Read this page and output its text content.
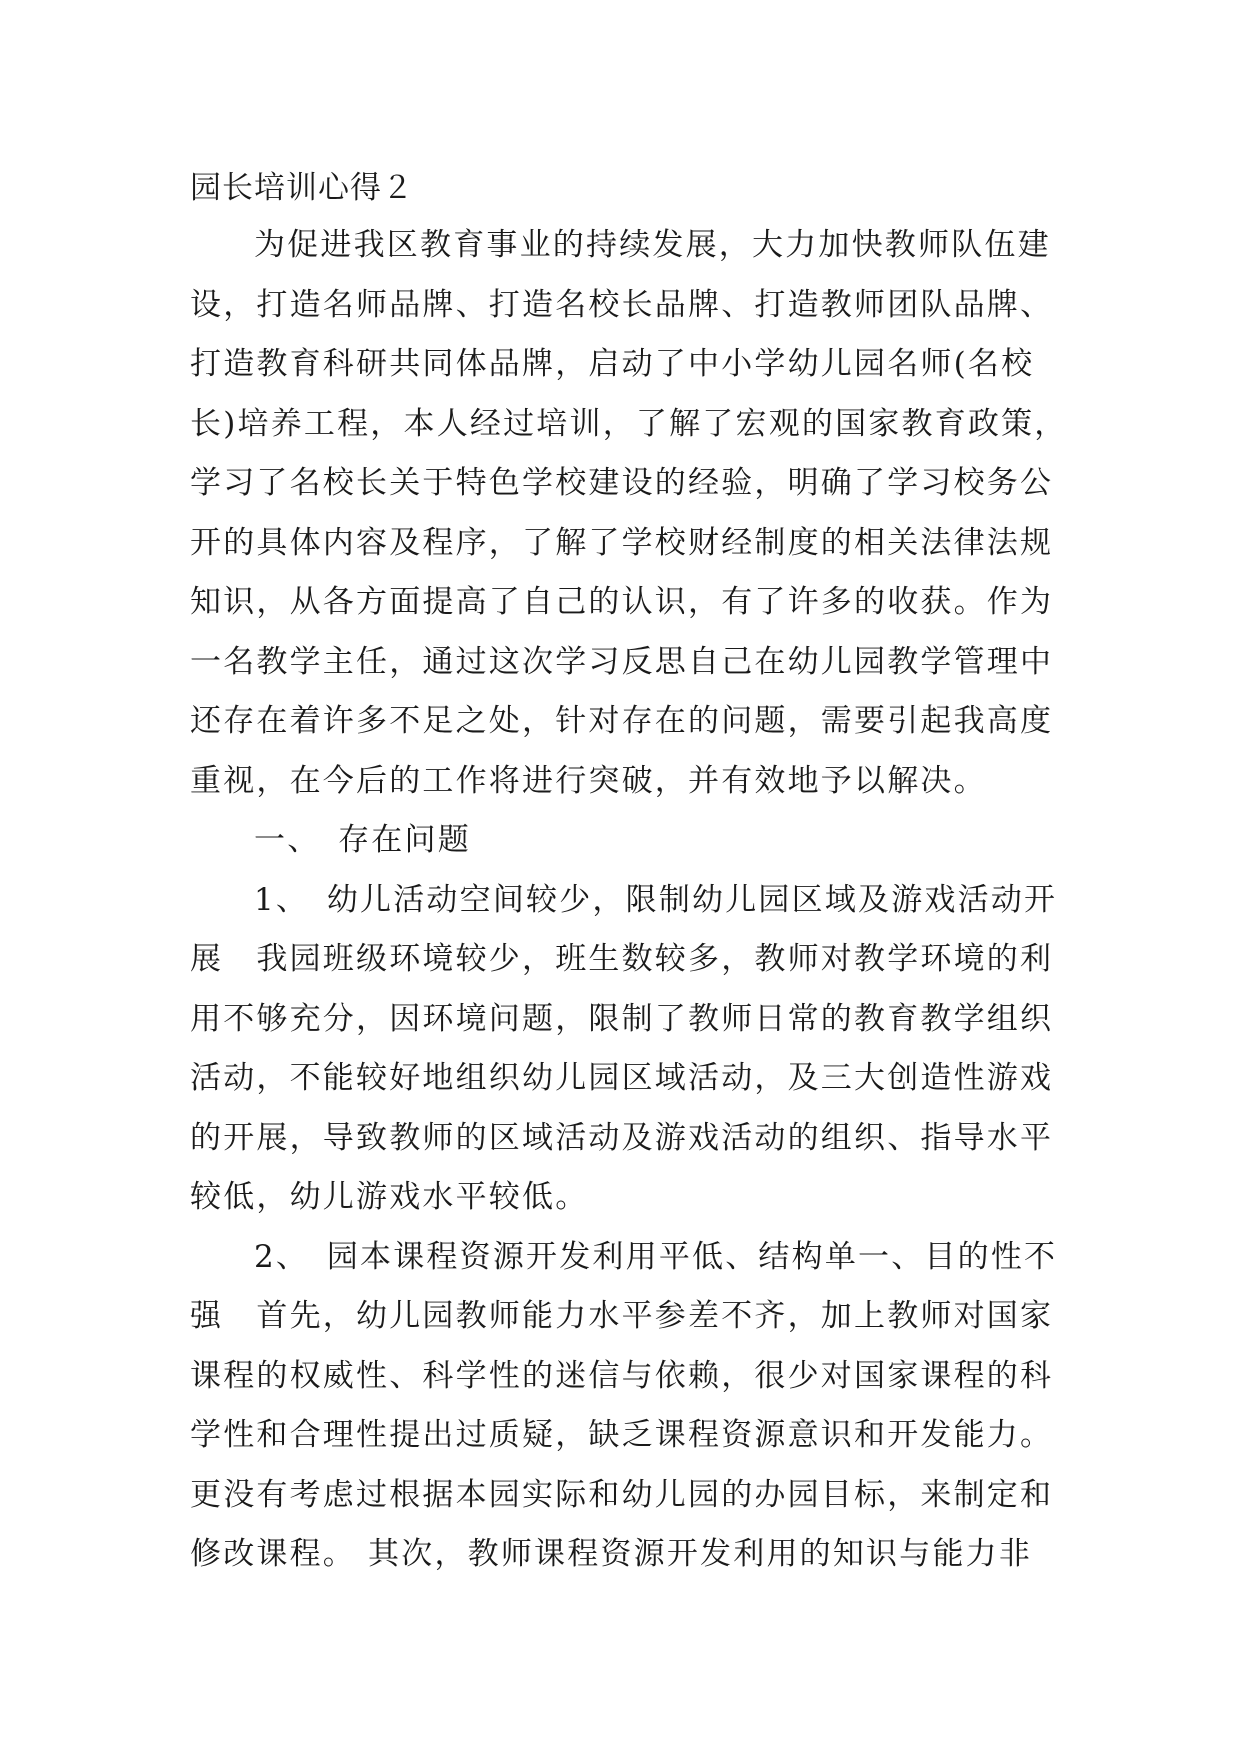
园长培训心得２
为促进我区教育事业的持续发展，大力加快教师队伍建
设，打造名师品牌、打造名校长品牌、打造教师团队品牌、
打造教育科研共同体品牌，启动了中小学幼儿园名师(名校
长)培养工程，本人经过培训，了解了宏观的国家教育政策，
学习了名校长关于特色学校建设的经验，明确了学习校务公
开的具体内容及程序，了解了学校财经制度的相关法律法规
知识，从各方面提高了自己的认识，有了许多的收获。作为
一名教学主任，通过这次学习反思自己在幼儿园教学管理中
还存在着许多不足之处，针对存在的问题，需要引起我高度
重视，在今后的工作将进行突破，并有效地予以解决。
一、　存在问题
1、　幼儿活动空间较少，限制幼儿园区域及游戏活动开
展　我园班级环境较少，班生数较多，教师对教学环境的利
用不够充分，因环境问题，限制了教师日常的教育教学组织
活动，不能较好地组织幼儿园区域活动，及三大创造性游戏
的开展，导致教师的区域活动及游戏活动的组织、指导水平
较低，幼儿游戏水平较低。
2、　园本课程资源开发利用平低、结构单一、目的性不
强　首先，幼儿园教师能力水平参差不齐，加上教师对国家
课程的权威性、科学性的迷信与依赖，很少对国家课程的科
学性和合理性提出过质疑，缺乏课程资源意识和开发能力。
更没有考虑过根据本园实际和幼儿园的办园目标，来制定和
修改课程。 其次，教师课程资源开发利用的知识与能力非
